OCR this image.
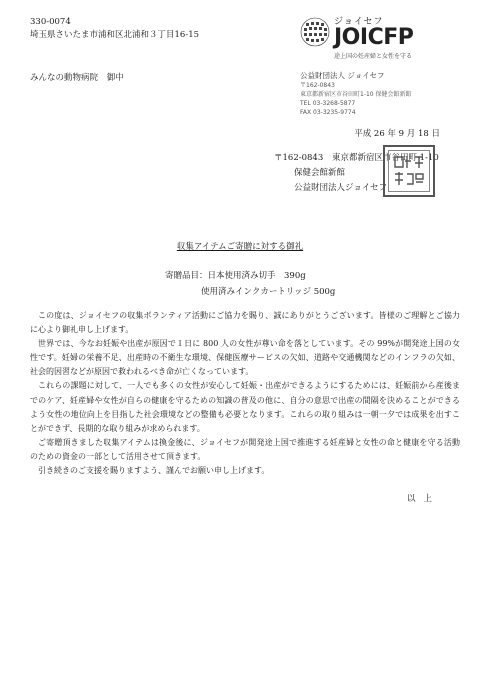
330-0074
埼玉県さいたま市浦和区北浦和３丁目16-15
みんなの動物病院 御中
ジョイセフ
JOICFP
途上国の妊産婦と女性を守る
公益財団法人 ジョイセフ
〒162-0843
東京都新宿区市谷田町1-10 保健会館新館
TEL 03-3268-5877
FAX 03-3235-9774
平成 26 年 9 月 18 日
〒162-0843 東京都新宿区市谷田町 1-10
保健会館新館
公益財団法人ジョイセフ
収集アイテムご寄贈に対する御礼
寄贈品目：日本使用済み切手　390g
使用済みインクカートリッジ 500g

この度は、ジョイセフの収集ボランティア活動にご協力を賜り、誠にありがとうございます。皆様のご理解とご協力に心より御礼申し上げます。

世界では、今なお妊娠や出産が原因で１日に 800 人の女性が尊い命を落としています。その 99%が開発途上国の女性です。妊婦の栄養不足、出産時の不衛生な環境、保健医療サービスの欠如、道路や交通機関などのインフラの欠如、社会的因習などが原因で救われるべき命が亡くなっています。

これらの課題に対して、一人でも多くの女性が安心して妊娠・出産ができるようにするためには、妊娠前から産後までのケア、妊産婦や女性が自らの健康を守るための知識の普及の他に、自分の意思で出産の間隔を決めることができるよう女性の地位向上を目指した社会環境などの整備も必要となります。これらの取り組みは一朝一夕では成果を出すことができず、長期的な取り組みが求められます。

ご寄贈頂きました収集アイテムは換金後に、ジョイセフが開発途上国で推進する妊産婦と女性の命と健康を守る活動のための資金の一部として活用させて頂きます。

引き続きのご支援を賜りますよう、謹んでお願い申し上げます。

以上
